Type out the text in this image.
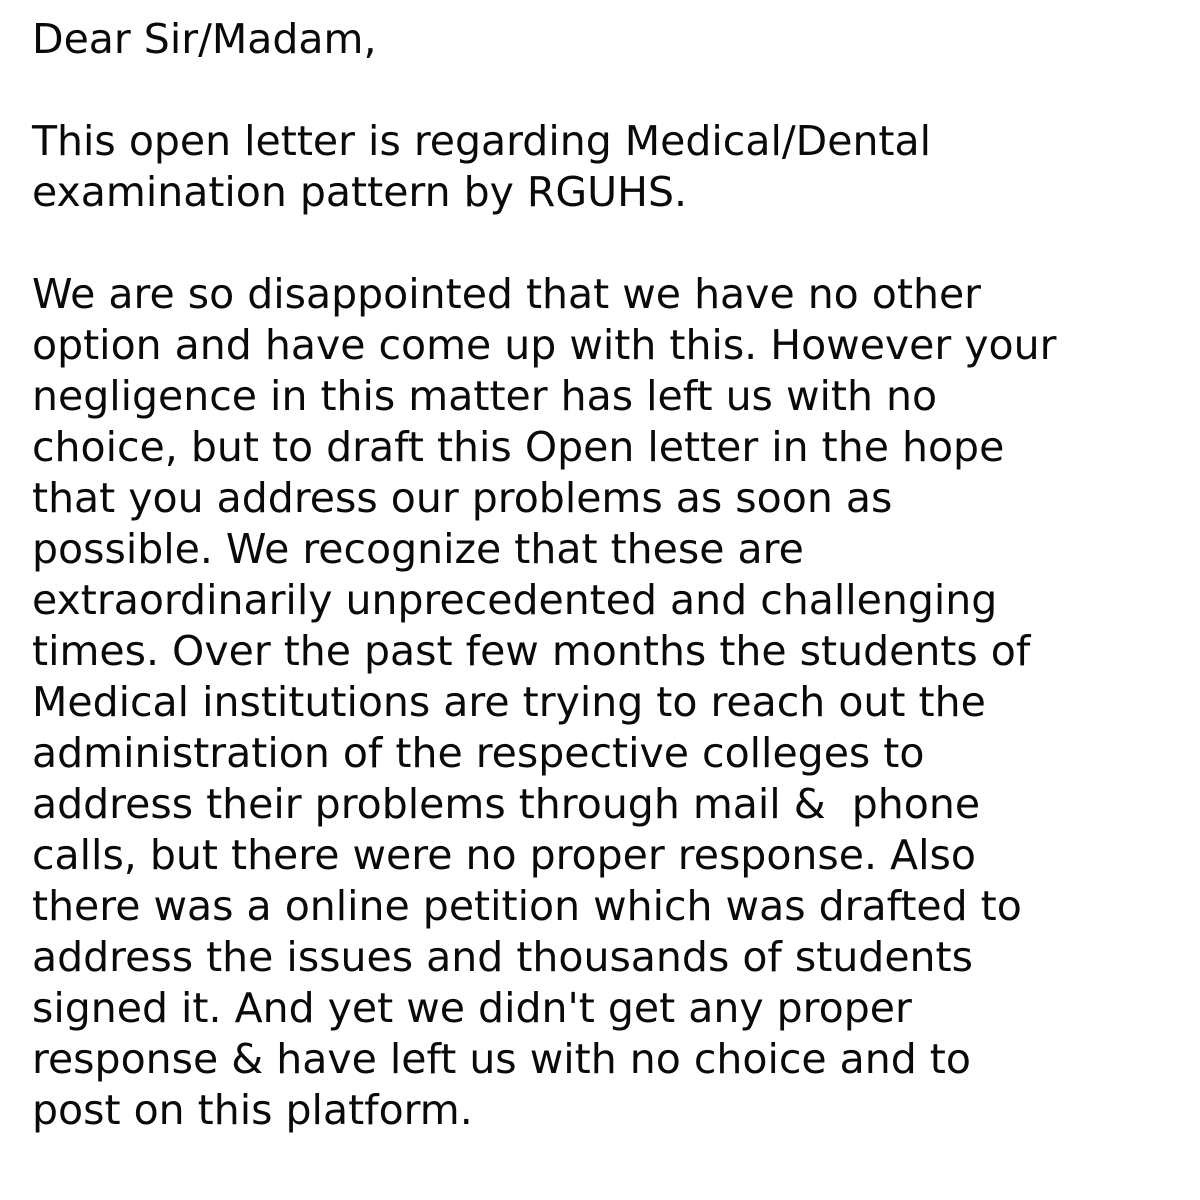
Dear Sir/Madam,
This open letter is regarding Medical/Dental
examination pattern by RGUHS.
We are so disappointed that we have no other
option and have come up with this. However your
negligence in this matter has left us with no
choice, but to draft this Open letter in the hope
that you address our problems as soon as
possible. We recognize that these are
extraordinarily unprecedented and challenging
times. Over the past few months the students of
Medical institutions are trying to reach out the
administration of the respective colleges to
address their problems through mail &  phone
calls, but there were no proper response. Also
there was a online petition which was drafted to
address the issues and thousands of students
signed it. And yet we didn't get any proper
response & have left us with no choice and to
post on this platform.
